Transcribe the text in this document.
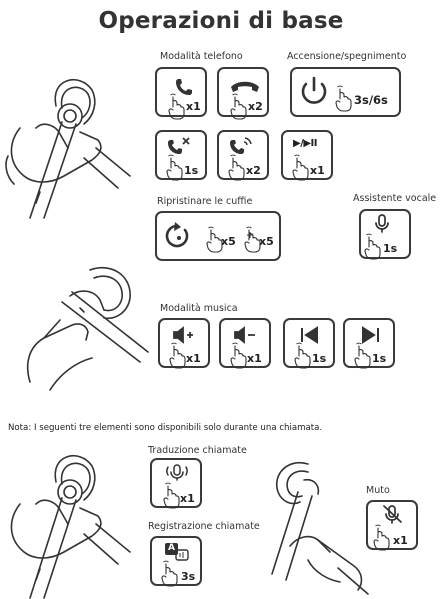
Operazioni di base
Modalità telefono	Accensione/spegnimento
Ripristinare le cuffie	Assistente vocale
Modalità musica
Nota: I seguenti tre elementi sono disponibili solo durante una chiamata.
Traduzione chiamate
Registrazione chiamate
Muto
x1	x2	3s/6s
1s	x2
▶/▶II
x1
x5 x5
1s
x1	x1	1s	1s
x1
A
3s
x1
